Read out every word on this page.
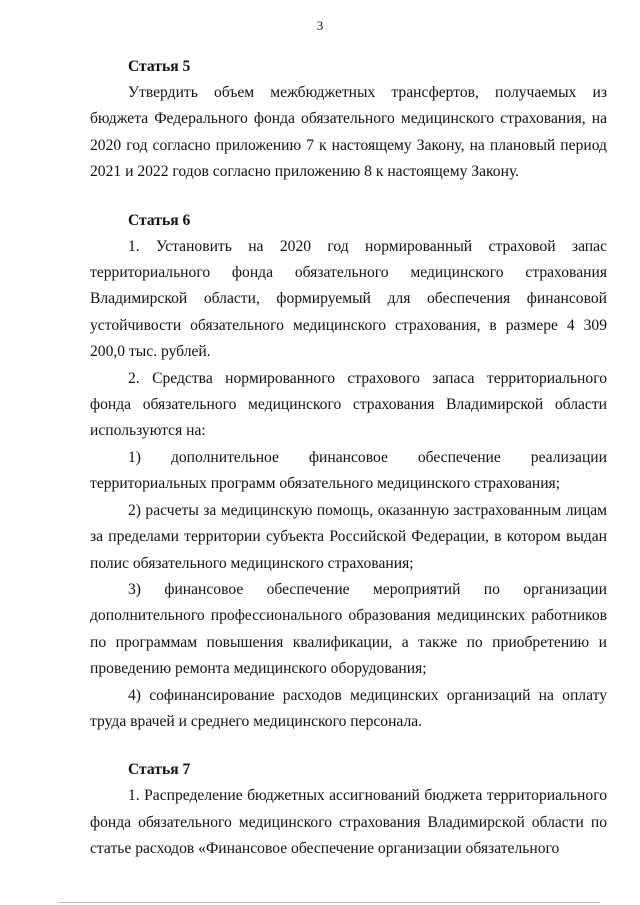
3

Статья 5

Утвердить объем межбюджетных трансфертов, получаемых из бюджета Федерального фонда обязательного медицинского страхования, на 2020 год согласно приложению 7 к настоящему Закону, на плановый период 2021 и 2022 годов согласно приложению 8 к настоящему Закону.

Статья 6

1. Установить на 2020 год нормированный страховой запас территориального фонда обязательного медицинского страхования Владимирской области, формируемый для обеспечения финансовой устойчивости обязательного медицинского страхования, в размере 4 309 200,0 тыс. рублей.

2. Средства нормированного страхового запаса территориального фонда обязательного медицинского страхования Владимирской области используются на:

1) дополнительное финансовое обеспечение реализации территориальных программ обязательного медицинского страхования;

2) расчеты за медицинскую помощь, оказанную застрахованным лицам за пределами территории субъекта Российской Федерации, в котором выдан полис обязательного медицинского страхования;

3) финансовое обеспечение мероприятий по организации дополнительного профессионального образования медицинских работников по программам повышения квалификации, а также по приобретению и проведению ремонта медицинского оборудования;

4) софинансирование расходов медицинских организаций на оплату труда врачей и среднего медицинского персонала.

Статья 7

1. Распределение бюджетных ассигнований бюджета территориального фонда обязательного медицинского страхования Владимирской области по статье расходов «Финансовое обеспечение организации обязательного
